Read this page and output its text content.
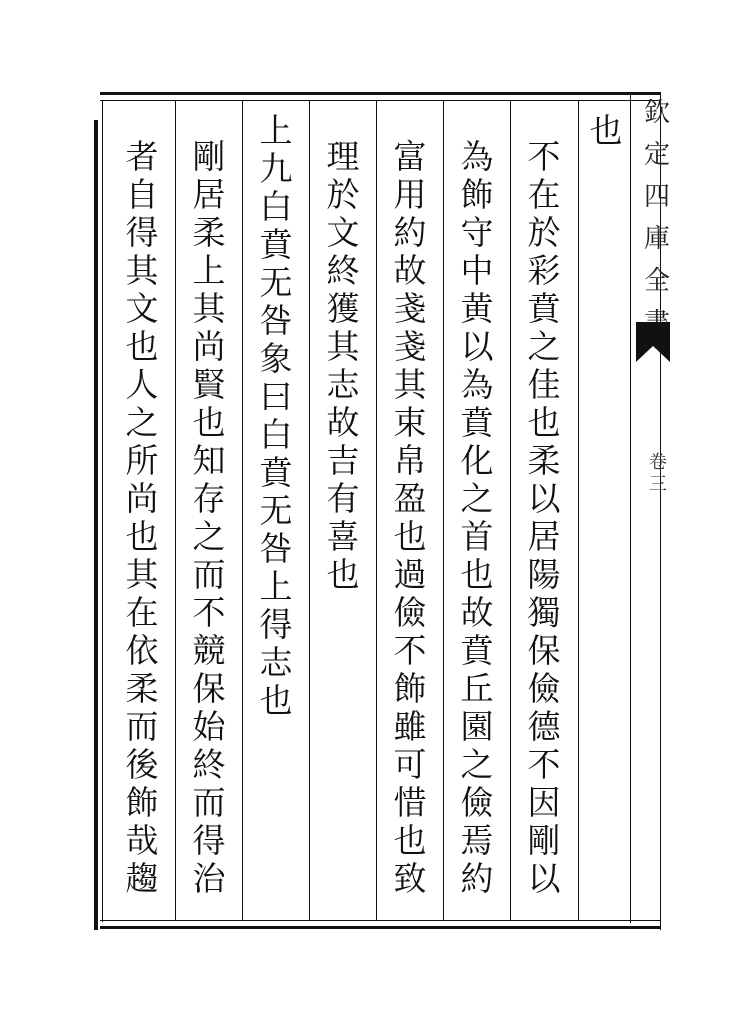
欽
定
四
庫
全
卷
三
也
不
在
於
彩
賁
之
佳
也
柔
以
居
陽
獨
保
儉
德
不
因
剛
以
為
飾
守
中
黄
以
為
賁
化
之
首
也
故
賁
丘
園
之
儉
焉
約
富
用
約
故
戔
戔
其
束
帛
盈
也
過
儉
不
飾
雖
可
惜
也
致
理
於
文
終
獲
其
志
故
吉
有
喜
也
上
九
白
賁
无
咎
象
曰
白
賁
无
咎
上
得
志
也
剛
居
柔
上
其
尚
賢
也
知
存
之
而
不
競
保
始
終
而
得
治
者
自
得
其
文
也
人
之
所
尚
也
其
在
依
柔
而
後
飾
哉
趨
